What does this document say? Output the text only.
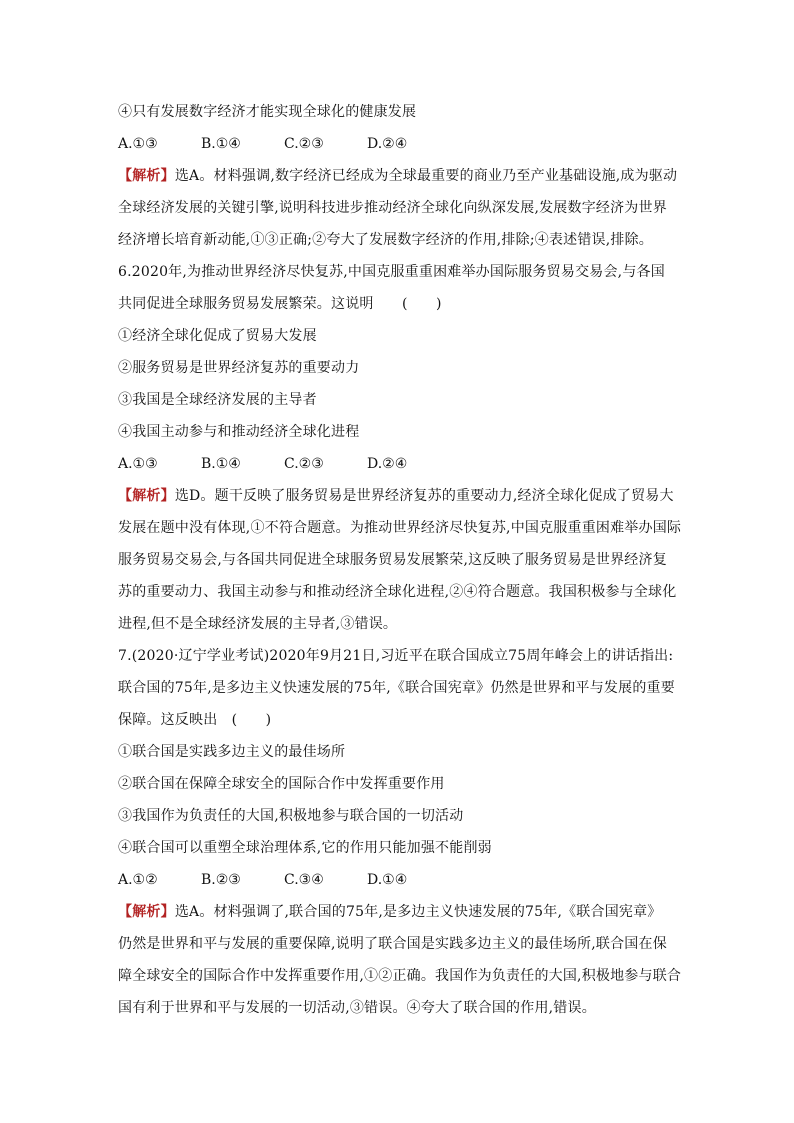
④只有发展数字经济才能实现全球化的健康发展
A.①③	B.①④	C.②③	D.②④
【解析】选A。材料强调,数字经济已经成为全球最重要的商业乃至产业基础设施,成为驱动
全球经济发展的关键引擎,说明科技进步推动经济全球化向纵深发展,发展数字经济为世界
经济增长培育新动能,①③正确;②夸大了发展数字经济的作用,排除;④表述错误,排除。
6.2020年,为推动世界经济尽快复苏,中国克服重重困难举办国际服务贸易交易会,与各国
共同促进全球服务贸易发展繁荣。这说明　　(　　)
①经济全球化促成了贸易大发展
②服务贸易是世界经济复苏的重要动力
③我国是全球经济发展的主导者
④我国主动参与和推动经济全球化进程
A.①③	B.①④	C.②③	D.②④
【解析】选D。题干反映了服务贸易是世界经济复苏的重要动力,经济全球化促成了贸易大
发展在题中没有体现,①不符合题意。为推动世界经济尽快复苏,中国克服重重困难举办国际
服务贸易交易会,与各国共同促进全球服务贸易发展繁荣,这反映了服务贸易是世界经济复
苏的重要动力、我国主动参与和推动经济全球化进程,②④符合题意。我国积极参与全球化
进程,但不是全球经济发展的主导者,③错误。
7.(2020·辽宁学业考试)2020年9月21日,习近平在联合国成立75周年峰会上的讲话指出:
联合国的75年,是多边主义快速发展的75年,《联合国宪章》仍然是世界和平与发展的重要
保障。这反映出　(　　)
①联合国是实践多边主义的最佳场所
②联合国在保障全球安全的国际合作中发挥重要作用
③我国作为负责任的大国,积极地参与联合国的一切活动
④联合国可以重塑全球治理体系,它的作用只能加强不能削弱
A.①②	B.②③	C.③④	D.①④
【解析】选A。材料强调了,联合国的75年,是多边主义快速发展的75年,《联合国宪章》
仍然是世界和平与发展的重要保障,说明了联合国是实践多边主义的最佳场所,联合国在保
障全球安全的国际合作中发挥重要作用,①②正确。我国作为负责任的大国,积极地参与联合
国有利于世界和平与发展的一切活动,③错误。④夸大了联合国的作用,错误。
